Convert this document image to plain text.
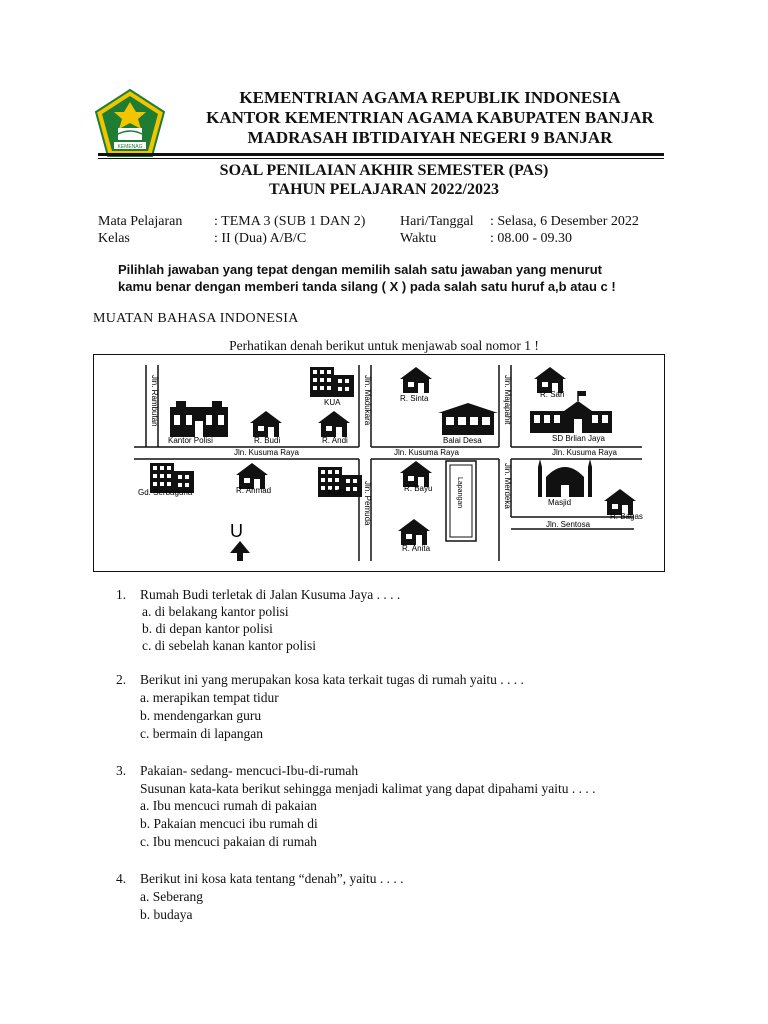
KEMENAG
KEMENTRIAN AGAMA REPUBLIK INDONESIA
KANTOR KEMENTRIAN AGAMA KABUPATEN BANJAR
MADRASAH IBTIDAIYAH NEGERI 9 BANJAR
SOAL PENILAIAN AKHIR SEMESTER (PAS)
TAHUN PELAJARAN 2022/2023
Mata Pelajaran : TEMA 3 (SUB 1 DAN 2) Hari/Tanggal : Selasa, 6 Desember 2022
Kelas	: II (Dua) A/B/C	Waktu	: 08.00 - 09.30
Pilihlah jawaban yang tepat dengan memilih salah satu jawaban yang menurut
kamu benar dengan memberi tanda silang ( X ) pada salah satu huruf a,b atau c !
MUATAN BAHASA INDONESIA
Perhatikan denah berikut untuk menjawab soal nomor 1 !
Jln. Rambutan	Jln. Madukara	Jln. Majapahit
Jln. Merdeka
Jln. Pemuda
Jln. Kusuma Raya	Jln. Kusuma Raya	Jln. Kusuma Raya
Jln. Sentosa
Kantor Polisi	R. Budi	R. Andi
KUA	R. Sinta
Balai Desa
R. Sari
SD Brlian Jaya
Gd. Serbaguna	R. Ahmad	KUD
U
R. Bayu
R. Anita
Lapangan	Masjid
R. Bagas
1. Rumah Budi terletak di Jalan Kusuma Jaya . . . .
a. di belakang kantor polisi
b. di depan kantor polisi
c. di sebelah kanan kantor polisi
2. Berikut ini yang merupakan kosa kata terkait tugas di rumah yaitu . . . .
a. merapikan tempat tidur
b. mendengarkan guru
c. bermain di lapangan
3. Pakaian- sedang- mencuci-Ibu-di-rumah
Susunan kata-kata berikut sehingga menjadi kalimat yang dapat dipahami yaitu . . . .
a. Ibu mencuci rumah di pakaian
b. Pakaian mencuci ibu rumah di
c. Ibu mencuci pakaian di rumah
4. Berikut ini kosa kata tentang “denah”, yaitu . . . .
a. Seberang
b. budaya
